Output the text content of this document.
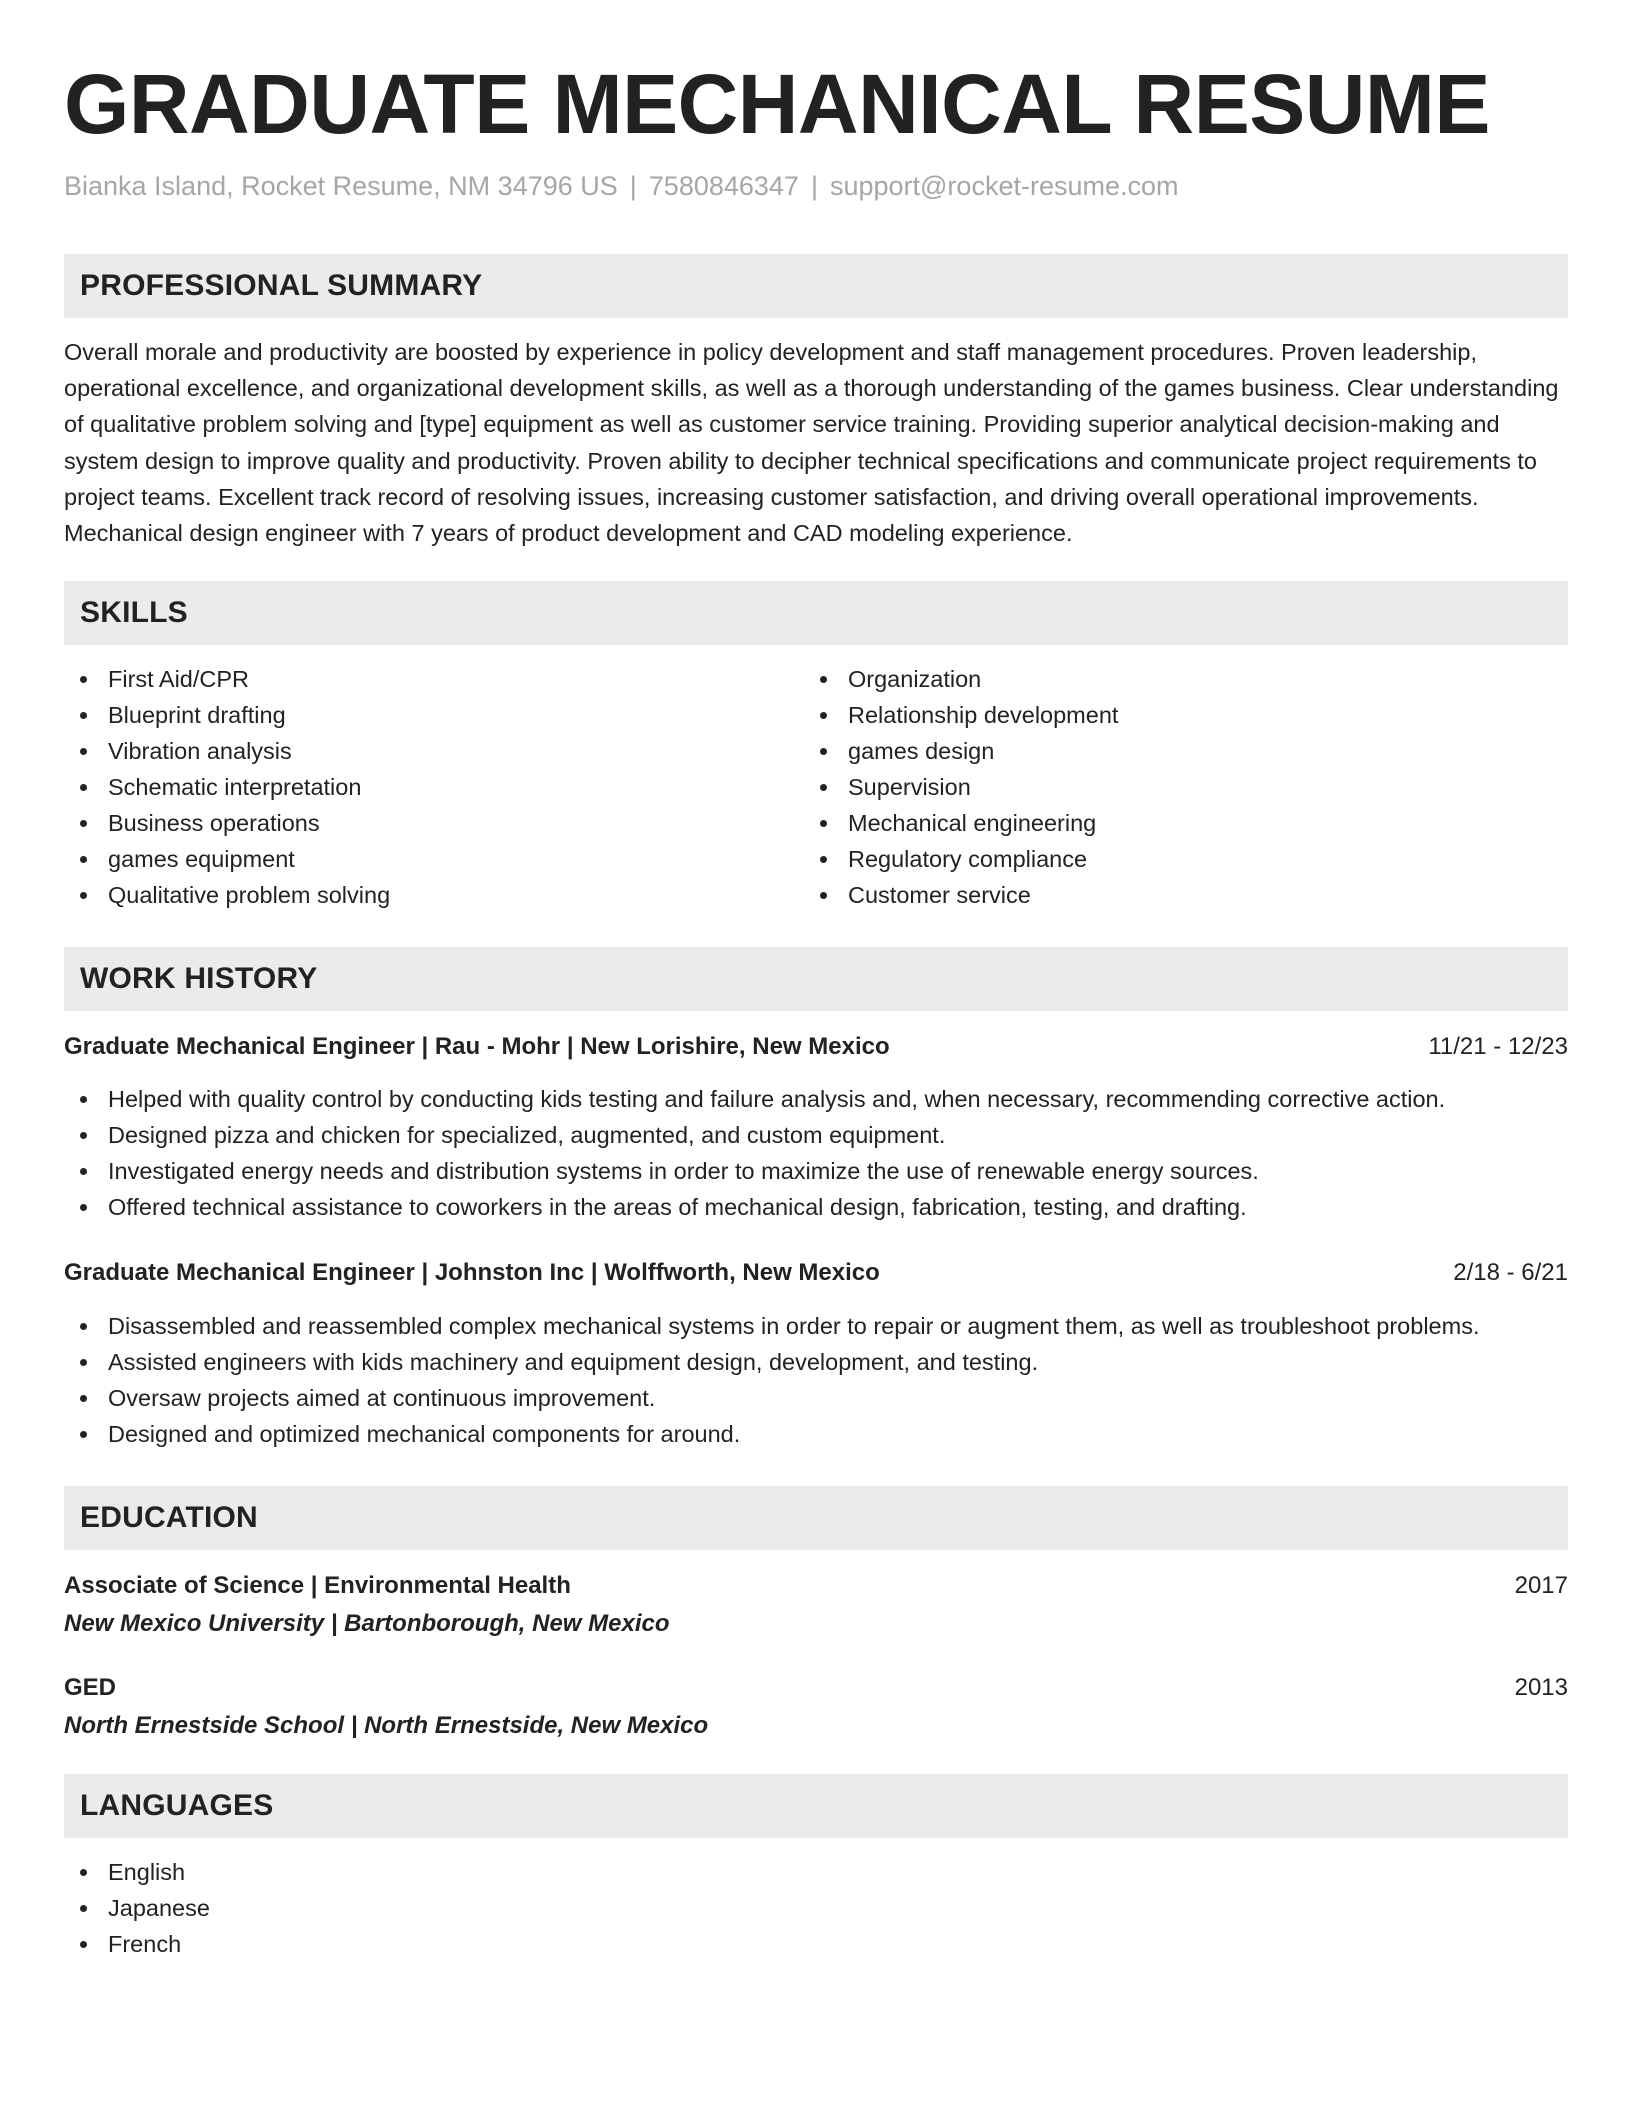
GRADUATE MECHANICAL RESUME
Bianka Island, Rocket Resume, NM 34796 US | 7580846347 | support@rocket-resume.com
PROFESSIONAL SUMMARY

Overall morale and productivity are boosted by experience in policy development and staff management procedures. Proven leadership, operational excellence, and organizational development skills, as well as a thorough understanding of the games business. Clear understanding of qualitative problem solving and [type] equipment as well as customer service training. Providing superior analytical decision-making and system design to improve quality and productivity. Proven ability to decipher technical specifications and communicate project requirements to project teams. Excellent track record of resolving issues, increasing customer satisfaction, and driving overall operational improvements. Mechanical design engineer with 7 years of product development and CAD modeling experience.

SKILLS
First Aid/CPR
Blueprint drafting
Vibration analysis
Schematic interpretation
Business operations
games equipment
Qualitative problem solving
Organization
Relationship development
games design
Supervision
Mechanical engineering
Regulatory compliance
Customer service
WORK HISTORY
Graduate Mechanical Engineer | Rau - Mohr | New Lorishire, New Mexico	11/21 - 12/23
Helped with quality control by conducting kids testing and failure analysis and, when necessary, recommending corrective action.
Designed pizza and chicken for specialized, augmented, and custom equipment.
Investigated energy needs and distribution systems in order to maximize the use of renewable energy sources.
Offered technical assistance to coworkers in the areas of mechanical design, fabrication, testing, and drafting.
Graduate Mechanical Engineer | Johnston Inc | Wolffworth, New Mexico	2/18 - 6/21
Disassembled and reassembled complex mechanical systems in order to repair or augment them, as well as troubleshoot problems.
Assisted engineers with kids machinery and equipment design, development, and testing.
Oversaw projects aimed at continuous improvement.
Designed and optimized mechanical components for around.
EDUCATION
Associate of Science | Environmental Health	2017
New Mexico University | Bartonborough, New Mexico
GED	2013
North Ernestside School | North Ernestside, New Mexico
LANGUAGES
English
Japanese
French
